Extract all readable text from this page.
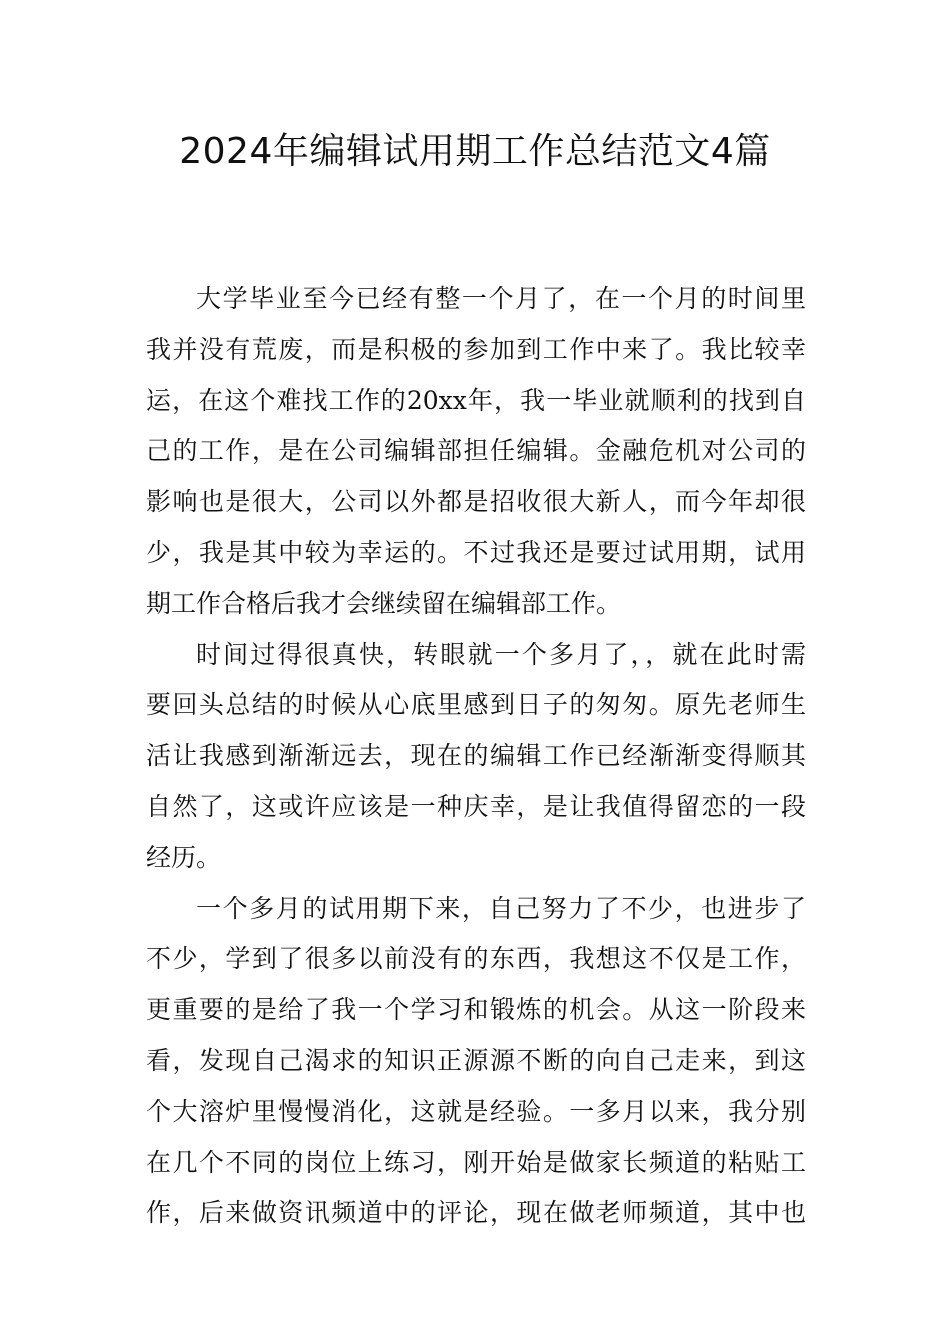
2024年编辑试用期工作总结范文4篇
大学毕业至今已经有整一个月了，在一个月的时间里
我并没有荒废，而是积极的参加到工作中来了。我比较幸
运，在这个难找工作的20xx年，我一毕业就顺利的找到自
己的工作，是在公司编辑部担任编辑。金融危机对公司的
影响也是很大，公司以外都是招收很大新人，而今年却很
少，我是其中较为幸运的。不过我还是要过试用期，试用
期工作合格后我才会继续留在编辑部工作。
时间过得很真快，转眼就一个多月了，，就在此时需
要回头总结的时候从心底里感到日子的匆匆。原先老师生
活让我感到渐渐远去，现在的编辑工作已经渐渐变得顺其
自然了，这或许应该是一种庆幸，是让我值得留恋的一段
经历。
一个多月的试用期下来，自己努力了不少，也进步了
不少，学到了很多以前没有的东西，我想这不仅是工作，
更重要的是给了我一个学习和锻炼的机会。从这一阶段来
看，发现自己渴求的知识正源源不断的向自己走来，到这
个大溶炉里慢慢消化，这就是经验。一多月以来，我分别
在几个不同的岗位上练习，刚开始是做家长频道的粘贴工
作，后来做资讯频道中的评论，现在做老师频道，其中也
